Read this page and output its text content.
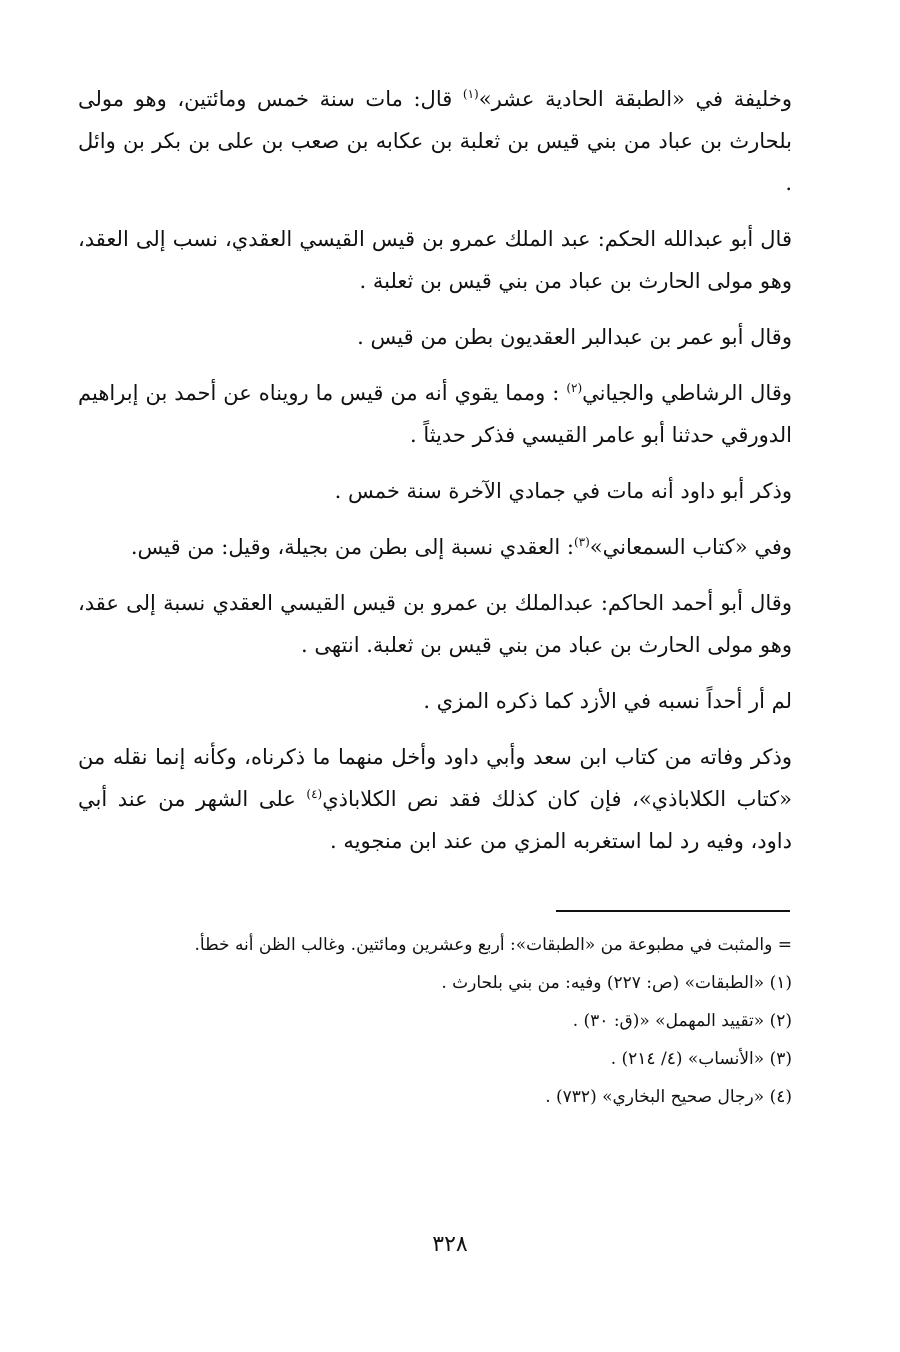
وخليفة في «الطبقة الحادية عشر»$^{(١)}$ قال: مات سنة خمس ومائتين، وهو مولى بلحارث بن عباد من بني قيس بن ثعلبة بن عكابه بن صعب بن على بن بكر بن وائل .

قال أبو عبدالله الحكم: عبد الملك عمرو بن قيس القيسي العقدي، نسب إلى العقد، وهو مولى الحارث بن عباد من بني قيس بن ثعلبة .

وقال أبو عمر بن عبدالبر العقديون بطن من قيس .

وقال الرشاطي والجياني$^{(٢)}$ : ومما يقوي أنه من قيس ما رويناه عن أحمد بن إبراهيم الدورقي حدثنا أبو عامر القيسي فذكر حديثاً .

وذكر أبو داود أنه مات في جمادي الآخرة سنة خمس .

وفي «كتاب السمعاني»$^{(٣)}$: العقدي نسبة إلى بطن من بجيلة، وقيل: من قيس.

وقال أبو أحمد الحاكم: عبدالملك بن عمرو بن قيس القيسي العقدي نسبة إلى عقد، وهو مولى الحارث بن عباد من بني قيس بن ثعلبة. انتهى .

لم أر أحداً نسبه في الأزد كما ذكره المزي .

وذكر وفاته من كتاب ابن سعد وأبي داود وأخل منهما ما ذكرناه، وكأنه إنما نقله من «كتاب الكلاباذي»، فإن كان كذلك فقد نص الكلاباذي$^{(٤)}$ على الشهر من عند أبي داود، وفيه رد لما استغربه المزي من عند ابن منجويه .

= والمثبت في مطبوعة من «الطبقات»: أربع وعشرين ومائتين. وغالب الظن أنه خطأ.

(١) «الطبقات» (ص: ٢٢٧) وفيه: من بني بلحارث .

(٢) «تقييد المهمل» «(ق: ٣٠) .

(٣) «الأنساب» (٤/ ٢١٤) .

(٤) «رجال صحيح البخاري» (٧٣٢) .

٣٢٨
